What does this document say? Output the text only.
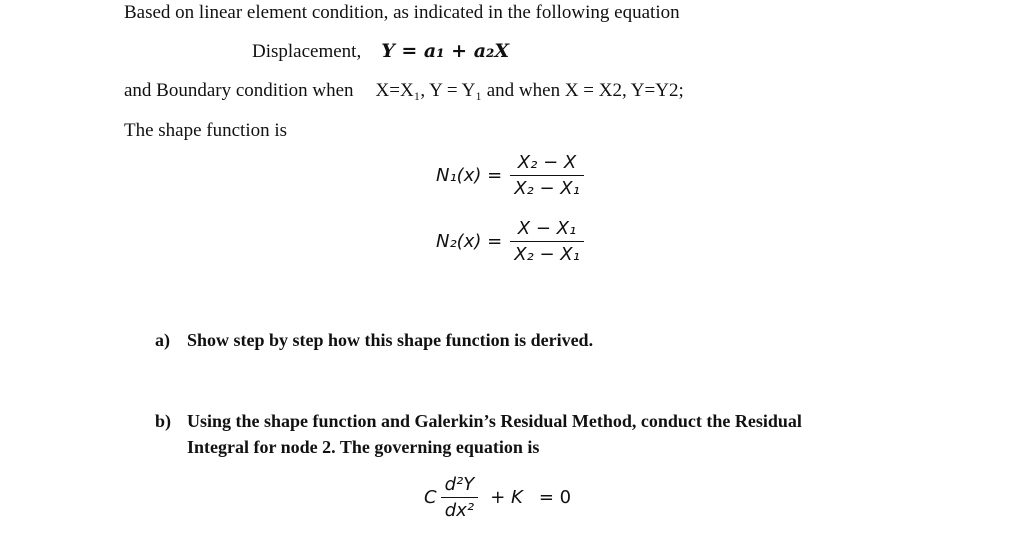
Based on linear element condition, as indicated in the following equation
Displacement, Y = a₁ + a₂X
and Boundary condition when X=X₁, Y = Y₁ and when X = X2, Y=Y2;
The shape function is
$N_1(x) = \frac{\text{X₂ − X}}{\text{X₂ − X₁}}$
$N_2(x) = \frac{\text{X − X₁}}{\text{X₂ − X₁}}$
a) Show step by step how this shape function is derived.
b) Using the shape function and Galerkin’s Residual Method, conduct the Residual
Integral for node 2. The governing equation is
C $\frac{\text{d²Y}}{\text{dx²}} + K = 0$
